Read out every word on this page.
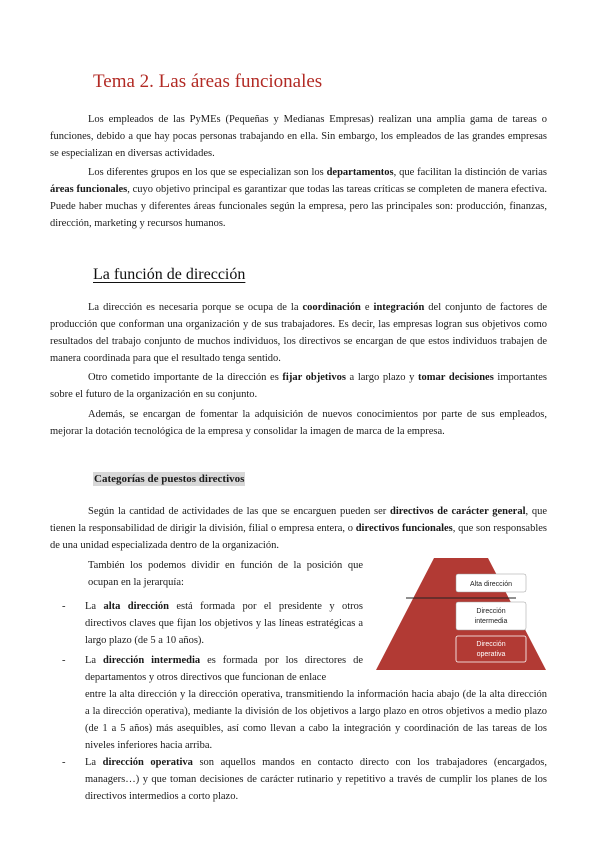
Tema 2. Las áreas funcionales

Los empleados de las PyMEs (Pequeñas y Medianas Empresas) realizan una amplia gama de tareas o funciones, debido a que hay pocas personas trabajando en ella. Sin embargo, los empleados de las grandes empresas se especializan en diversas actividades.

Los diferentes grupos en los que se especializan son los departamentos, que facilitan la distinción de varias áreas funcionales, cuyo objetivo principal es garantizar que todas las tareas críticas se completen de manera efectiva. Puede haber muchas y diferentes áreas funcionales según la empresa, pero las principales son: producción, finanzas, dirección, marketing y recursos humanos.

La función de dirección

La dirección es necesaria porque se ocupa de la coordinación e integración del conjunto de factores de producción que conforman una organización y de sus trabajadores. Es decir, las empresas logran sus objetivos como resultados del trabajo conjunto de muchos individuos, los directivos se encargan de que estos individuos trabajen de manera coordinada para que el resultado tenga sentido.

Otro cometido importante de la dirección es fijar objetivos a largo plazo y tomar decisiones importantes sobre el futuro de la organización en su conjunto.

Además, se encargan de fomentar la adquisición de nuevos conocimientos por parte de sus empleados, mejorar la dotación tecnológica de la empresa y consolidar la imagen de marca de la empresa.

Categorías de puestos directivos

Según la cantidad de actividades de las que se encarguen pueden ser directivos de carácter general, que tienen la responsabilidad de dirigir la división, filial o empresa entera, o directivos funcionales, que son responsables de una unidad especializada dentro de la organización.

También los podemos dividir en función de la posición que ocupan en la jerarquía:

- La alta dirección está formada por el presidente y otros directivos claves que fijan los objetivos y las líneas estratégicas a largo plazo (de 5 a 10 años).

- La dirección intermedia es formada por los directores de departamentos y otros directivos que funcionan de enlace

entre la alta dirección y la dirección operativa, transmitiendo la información hacia abajo (de la alta dirección a la dirección operativa), mediante la división de los objetivos a largo plazo en otros objetivos a medio plazo (de 1 a 5 años) más asequibles, así como llevan a cabo la integración y coordinación de las tareas de los niveles inferiores hacia arriba.

- La dirección operativa son aquellos mandos en contacto directo con los trabajadores (encargados, managers…) y que toman decisiones de carácter rutinario y repetitivo a través de cumplir los planes de los directivos intermedios a corto plazo.

Alta dirección
Dirección
intermedia
Dirección
operativa
